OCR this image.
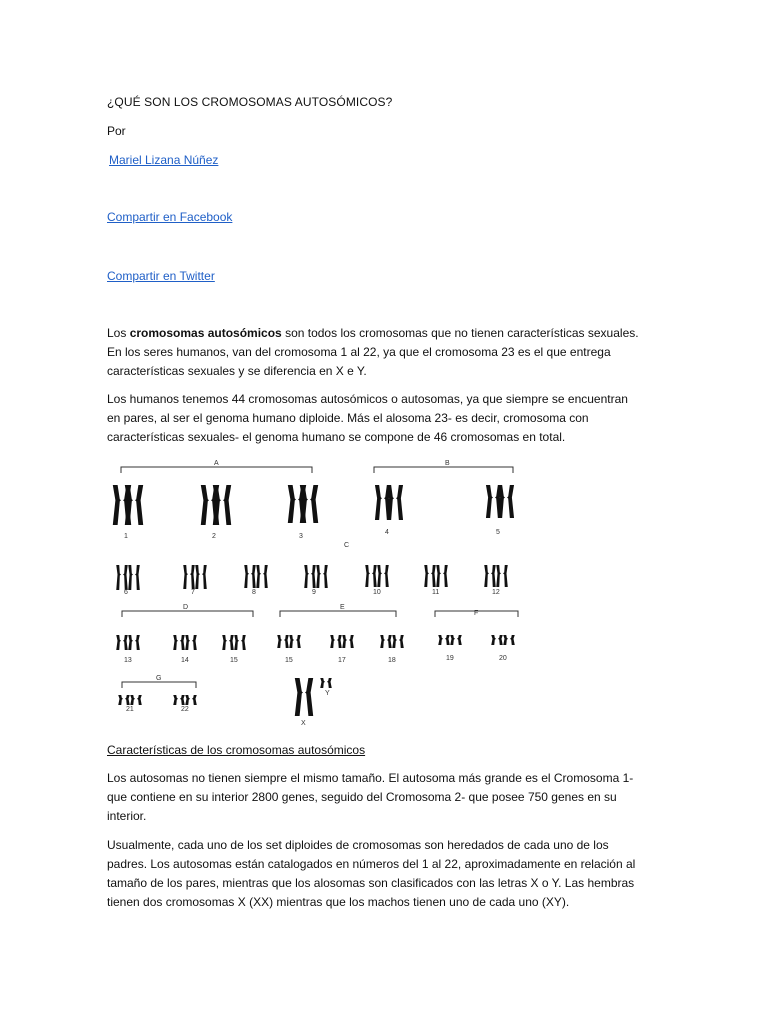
¿QUÉ SON LOS CROMOSOMAS AUTOSÓMICOS?

Por

Mariel Lizana Núñez
Compartir en Facebook
Compartir en Twitter

Los cromosomas autosómicos son todos los cromosomas que no tienen características sexuales.
En los seres humanos, van del cromosoma 1 al 22, ya que el cromosoma 23 es el que entrega
características sexuales y se diferencia en X e Y.

Los humanos tenemos 44 cromosomas autosómicos o autosomas, ya que siempre se encuentran
en pares, al ser el genoma humano diploide. Más el alosoma 23- es decir, cromosoma con
características sexuales- el genoma humano se compone de 46 cromosomas en total.

A	B
C
D	E
F
G
1	2	3
4	5
6	7	8	9	10	11	12
13	14	15	15	17	18	19	20
21	22
X
Y

Características de los cromosomas autosómicos

Los autosomas no tienen siempre el mismo tamaño. El autosoma más grande es el Cromosoma 1-
que contiene en su interior 2800 genes, seguido del Cromosoma 2- que posee 750 genes en su
interior.

Usualmente, cada uno de los set diploides de cromosomas son heredados de cada uno de los
padres. Los autosomas están catalogados en números del 1 al 22, aproximadamente en relación al
tamaño de los pares, mientras que los alosomas son clasificados con las letras X o Y. Las hembras
tienen dos cromosomas X (XX) mientras que los machos tienen uno de cada uno (XY).
